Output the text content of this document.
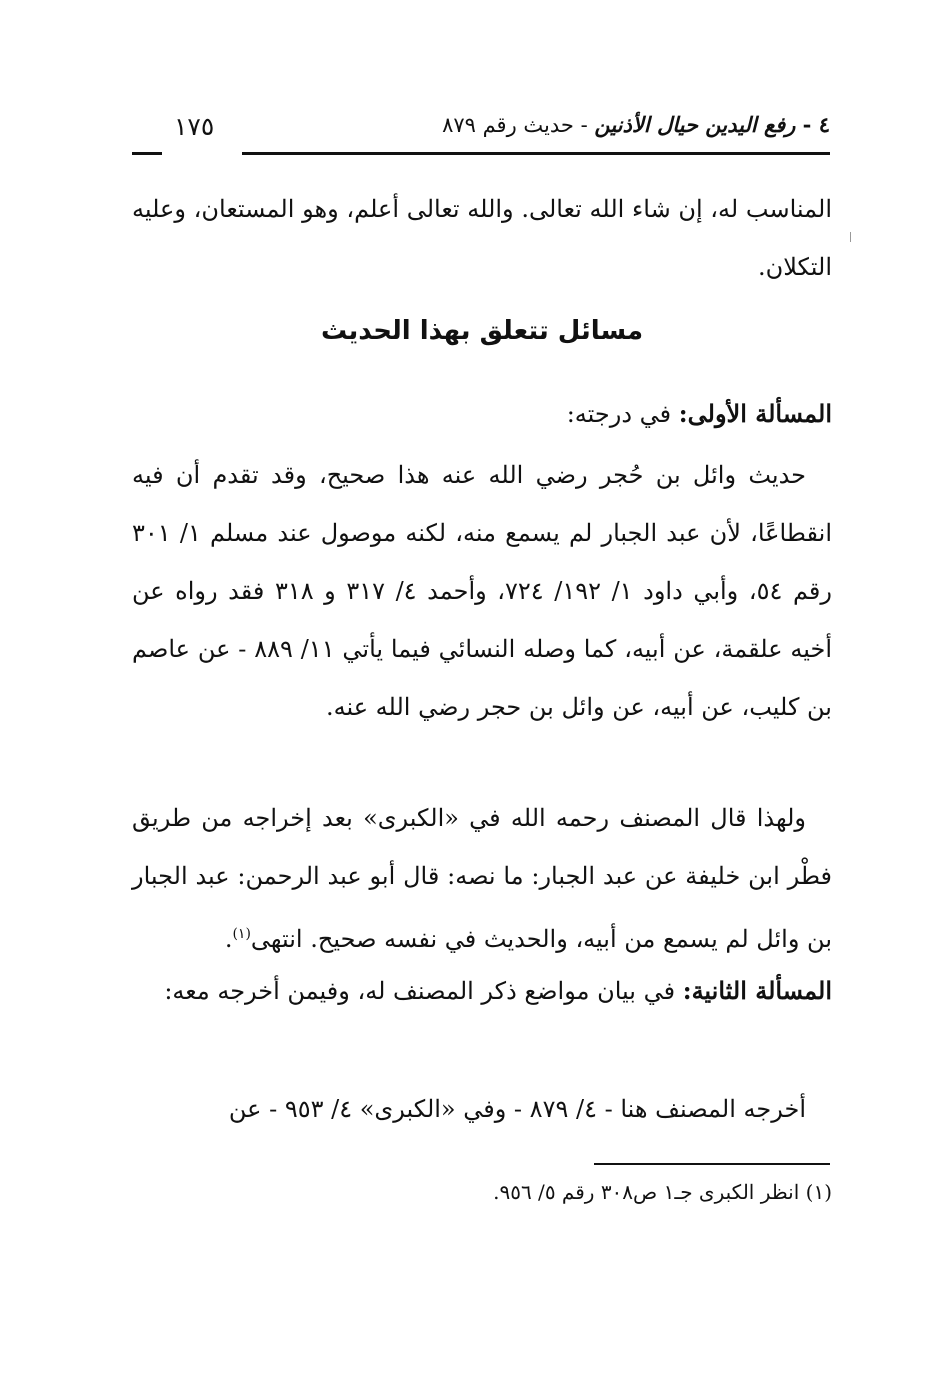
٤ - رفع اليدين حيال الأذنين - حديث رقم ٨٧٩
١٧٥

المناسب له، إن شاء الله تعالى. والله تعالى أعلم، وهو المستعان، وعليه التكلان.

مسائل تتعلق بهذا الحديث

المسألة الأولى: في درجته:

حديث وائل بن حُجر رضي الله عنه هذا صحيح، وقد تقدم أن فيه انقطاعًا، لأن عبد الجبار لم يسمع منه، لكنه موصول عند مسلم ١/ ٣٠١ رقم ٥٤، وأبي داود ١/ ١٩٢/ ٧٢٤، وأحمد ٤/ ٣١٧ و ٣١٨ فقد رواه عن أخيه علقمة، عن أبيه، كما وصله النسائي فيما يأتي ١١/ ٨٨٩ - عن عاصم بن كليب، عن أبيه، عن وائل بن حجر رضي الله عنه.

ولهذا قال المصنف رحمه الله في «الكبرى» بعد إخراجه من طريق فطْر ابن خليفة عن عبد الجبار: ما نصه: قال أبو عبد الرحمن: عبد الجبار بن وائل لم يسمع من أبيه، والحديث في نفسه صحيح. انتهى$^{(١)}$.

المسألة الثانية: في بيان مواضع ذكر المصنف له، وفيمن أخرجه معه:

أخرجه المصنف هنا - ٤/ ٨٧٩ - وفي «الكبرى» ٤/ ٩٥٣ - عن

(١) انظر الكبرى جـ١ ص٣٠٨ رقم ٥/ ٩٥٦.
